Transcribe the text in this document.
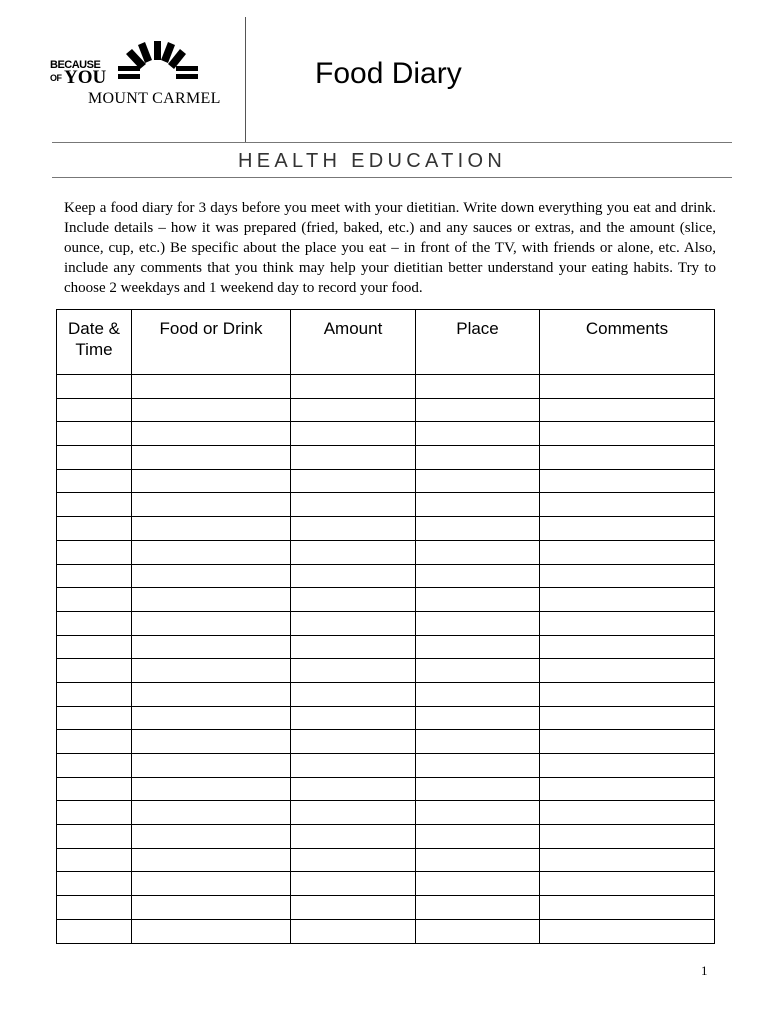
BECAUSE
OF YOU
MOUNT CARMEL
Food Diary
HEALTH EDUCATION

Keep a food diary for 3 days before you meet with your dietitian. Write down everything you eat and drink. Include details – how it was prepared (fried, baked, etc.) and any sauces or extras, and the amount (slice, ounce, cup, etc.) Be specific about the place you eat – in front of the TV, with friends or alone, etc. Also, include any comments that you think may help your dietitian better understand your eating habits. Try to choose 2 weekdays and 1 weekend day to record your food.

Date & Time	Food or Drink	Amount	Place	Comments

1
